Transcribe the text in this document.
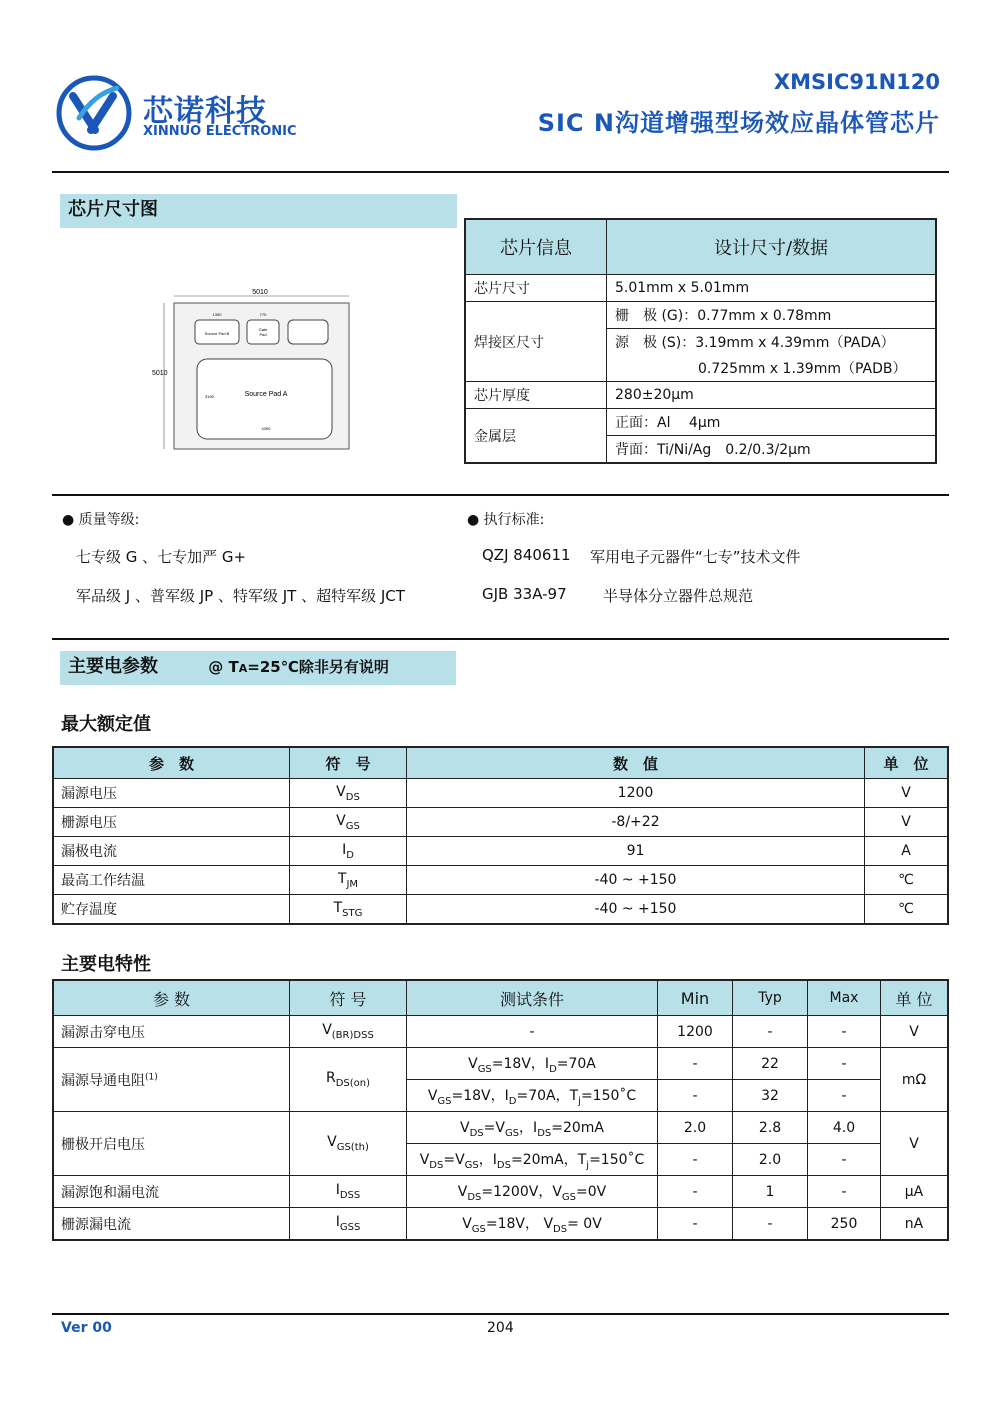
芯诺科技
XINNUO ELECTRONIC
XMSIC91N120
SIC N沟道增强型场效应晶体管芯片
芯片尺寸图
5010
5010
Source Pad B
1390
Gate
Pad
770
Source Pad A
3190
4390
芯片信息	设计尺寸/数据
芯片尺寸	5.01mm x 5.01mm
焊接区尺寸	栅　极 (G)：0.77mm x 0.78mm
	源　极 (S)：3.19mm x 4.39mm（PADA）
	0.725mm x 1.39mm（PADB）
芯片厚度	280±20μm
金属层	正面：Al　 4μm
	背面：Ti/Ni/Ag　0.2/0.3/2μm
● 质量等级:
七专级 G 、七专加严 G+
军品级 J 、普军级 JP 、特军级 JT 、超特军级 JCT
● 执行标准:
QZJ 840611 军用电子元器件“七专”技术文件
GJB 33A-97 半导体分立器件总规范
主要电参数	@ TA=25℃除非另有说明
最大额定值
参　数	符　号	数　值	单　位
漏源电压	$V_{DS}$	1200	V
栅源电压	$V_{GS}$	-8/+22	V
漏极电流	$I_D$	91	A
最高工作结温	$T_{JM}$	-40 ~ +150	℃
贮存温度	$T_{STG}$	-40 ~ +150	℃
主要电特性
参 数	符 号	测试条件	Min	Typ	Max	单 位
漏源击穿电压	$V_{(BR)DSS}$	-	1200	-	-	V
漏源导通电阻$^{(1)}$	$R_{DS(on)}$	$V_{GS}=18V$，$I_D=70A$	-	22	-	mΩ
		$V_{GS}=18V$，$I_D=70A$，$T_j=150˚C$	-	32	-	
栅极开启电压	$V_{GS(th)}$	$V_{DS}=V_{GS}$，$I_{DS}=20mA$	2.0	2.8	4.0	V
		$V_{DS}=V_{GS}$，$I_{DS}=20mA$，$T_j=150˚C$	-	2.0	-	
漏源饱和漏电流	$I_{DSS}$	$V_{DS}=1200V$，$V_{GS}=0V$	-	1	-	μA
栅源漏电流	$I_{GSS}$	$V_{GS}=18V$， $V_{DS}= 0V$	-	-	250	nA
Ver 00	204
